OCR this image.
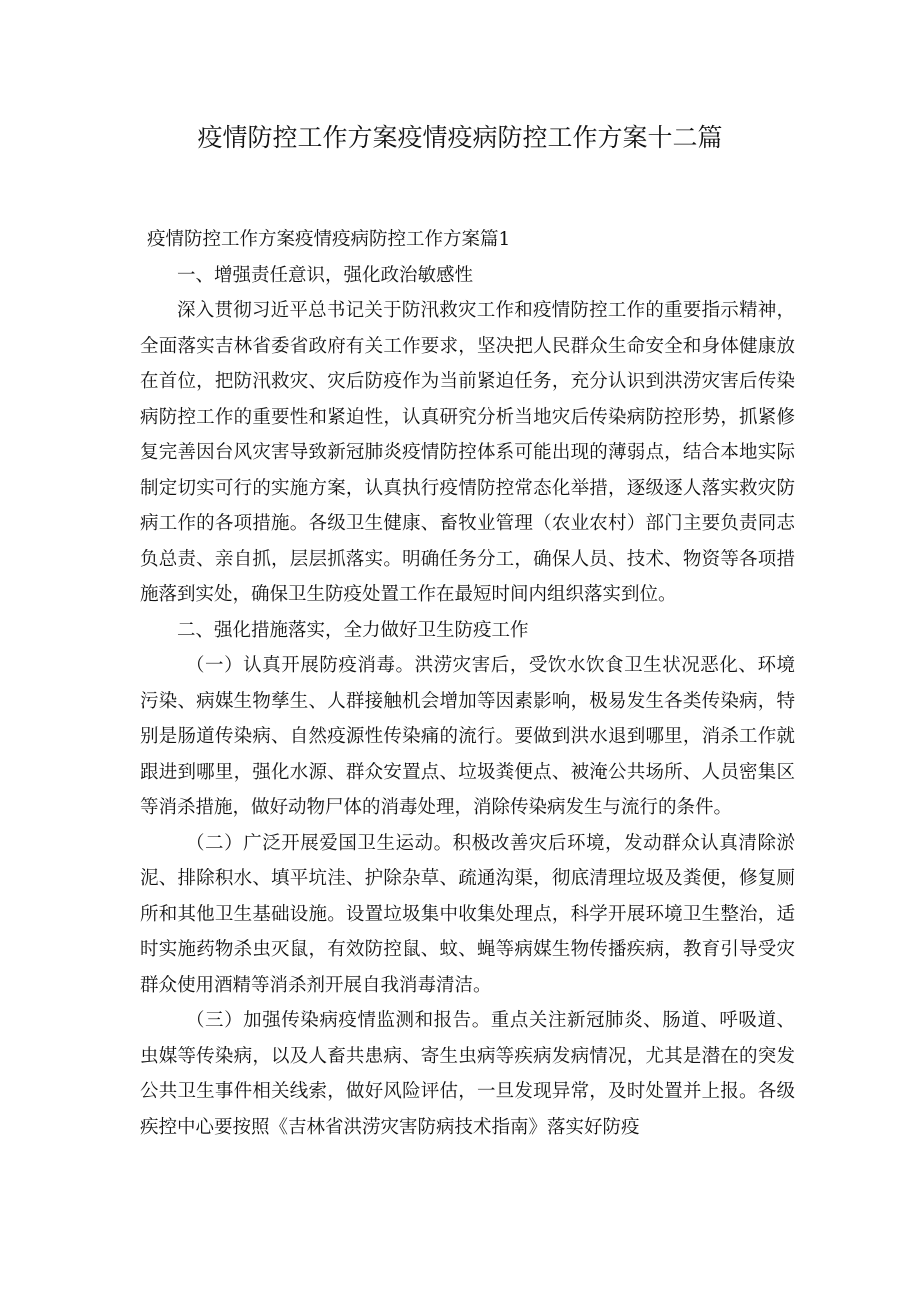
疫情防控工作方案疫情疫病防控工作方案十二篇

疫情防控工作方案疫情疫病防控工作方案篇1

一、增强责任意识，强化政治敏感性

深入贯彻习近平总书记关于防汛救灾工作和疫情防控工作的重要指示精神，全面落实吉林省委省政府有关工作要求，坚决把人民群众生命安全和身体健康放在首位，把防汛救灾、灾后防疫作为当前紧迫任务，充分认识到洪涝灾害后传染病防控工作的重要性和紧迫性，认真研究分析当地灾后传染病防控形势，抓紧修复完善因台风灾害导致新冠肺炎疫情防控体系可能出现的薄弱点，结合本地实际制定切实可行的实施方案，认真执行疫情防控常态化举措，逐级逐人落实救灾防病工作的各项措施。各级卫生健康、畜牧业管理（农业农村）部门主要负责同志负总责、亲自抓，层层抓落实。明确任务分工，确保人员、技术、物资等各项措施落到实处，确保卫生防疫处置工作在最短时间内组织落实到位。

二、强化措施落实，全力做好卫生防疫工作

（一）认真开展防疫消毒。洪涝灾害后，受饮水饮食卫生状况恶化、环境污染、病媒生物孳生、人群接触机会增加等因素影响，极易发生各类传染病，特别是肠道传染病、自然疫源性传染痛的流行。要做到洪水退到哪里，消杀工作就跟进到哪里，强化水源、群众安置点、垃圾粪便点、被淹公共场所、人员密集区等消杀措施，做好动物尸体的消毒处理，消除传染病发生与流行的条件。

（二）广泛开展爱国卫生运动。积极改善灾后环境，发动群众认真清除淤泥、排除积水、填平坑洼、护除杂草、疏通沟渠，彻底清理垃圾及粪便，修复厕所和其他卫生基础设施。设置垃圾集中收集处理点，科学开展环境卫生整治，适时实施药物杀虫灭鼠，有效防控鼠、蚊、蝇等病媒生物传播疾病，教育引导受灾群众使用酒精等消杀剂开展自我消毒清洁。

（三）加强传染病疫情监测和报告。重点关注新冠肺炎、肠道、呼吸道、虫媒等传染病，以及人畜共患病、寄生虫病等疾病发病情况，尤其是潜在的突发公共卫生事件相关线索，做好风险评估，一旦发现异常，及时处置并上报。各级疾控中心要按照《吉林省洪涝灾害防病技术指南》落实好防疫
